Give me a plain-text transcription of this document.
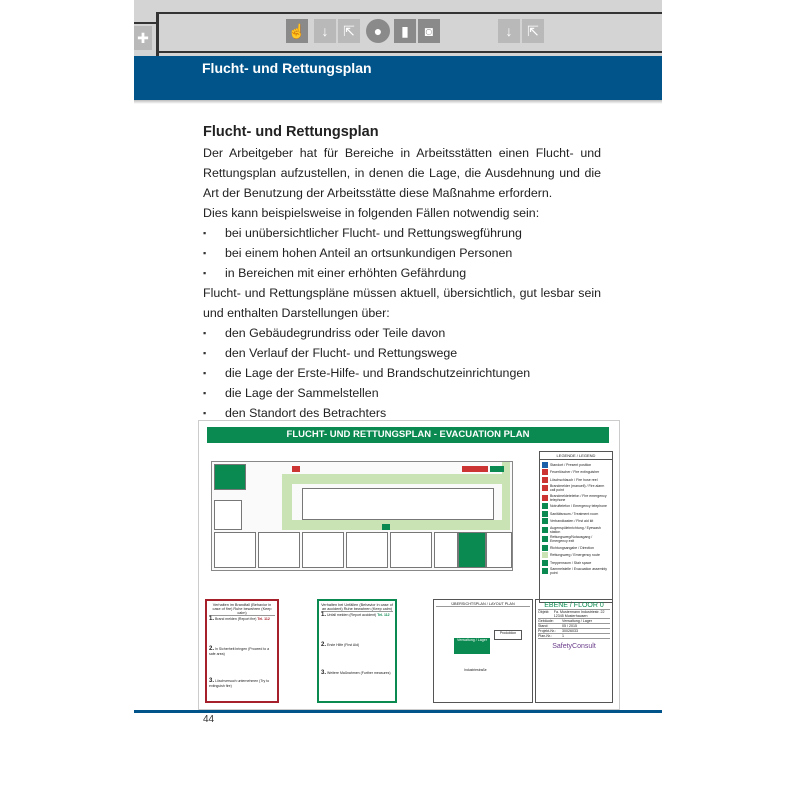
✚	☝	↓	⇱	●	▮	◙	↓	⇱
Flucht- und Rettungsplan
Flucht- und Rettungsplan

Der Arbeitgeber hat für Bereiche in Arbeitsstätten einen Flucht- und Rettungsplan aufzustellen, in denen die Lage, die Ausdehnung und die Art der Benutzung der Arbeitsstätte diese Maßnahme erfordern.

Dies kann beispielsweise in folgenden Fällen notwendig sein:

▪ bei unübersichtlicher Flucht- und Rettungswegführung
▪ bei einem hohen Anteil an ortsunkundigen Personen
▪ in Bereichen mit einer erhöhten Gefährdung

Flucht- und Rettungspläne müssen aktuell, übersichtlich, gut lesbar sein und enthalten Darstellungen über:

▪ den Gebäudegrundriss oder Teile davon
▪ den Verlauf der Flucht- und Rettungswege
▪ die Lage der Erste-Hilfe- und Brandschutzeinrichtungen
▪ die Lage der Sammelstellen
▪ den Standort des Betrachters
FLUCHT- UND RETTUNGSPLAN - EVACUATION PLAN
LEGENDE / LEGEND
Standort / Present position
Feuerlöscher / Fire extinguisher
Löschschlauch / Fire hose reel
Brandmelder (manuell) / Fire alarm call point
Brandmeldetelefon / Fire emergency telephone
Notruftelefon / Emergency telephone
Sanitätsraum / Treatment room
Verbandkasten / First aid kit
Augenspüleinrichtung / Eyewash station
Rettungsweg/Notausgang / Emergency exit
Richtungsangabe / Direction
Rettungsweg / Emergency route
Treppenraum / Stair space
Sammelstelle / Evacuation assembly point
Verhalten im Brandfall (Behavior in case of fire) Ruhe bewahren (Keep calm)
1. Brand melden (Report fire) Tel. 112
2. In Sicherheit bringen (Proceed to a safe area)
3. Löschversuch unternehmen (Try to extinguish fire)
Verhalten bei Unfällen (Behavior in case of an accident) Ruhe bewahren (Keep calm)
1. Unfall melden (Report accident) Tel. 112
2. Erste Hilfe (First Aid)
3. Weitere Maßnahmen (Further measures)
ÜBERSICHTSPLAN / LAYOUT PLAN
Verwaltung / Lager
Produktion
Industriestraße
EBENE / FLOOR 0
Objekt:	Fa. Mustermann Industriestr. 22 12345 Musterhausen
Gebäude:	Verwaltung / Lager
Stand:	05 / 2015
Projekt-Nr.:	30026033
Plan-Nr.:	1
SafetyConsult
44
